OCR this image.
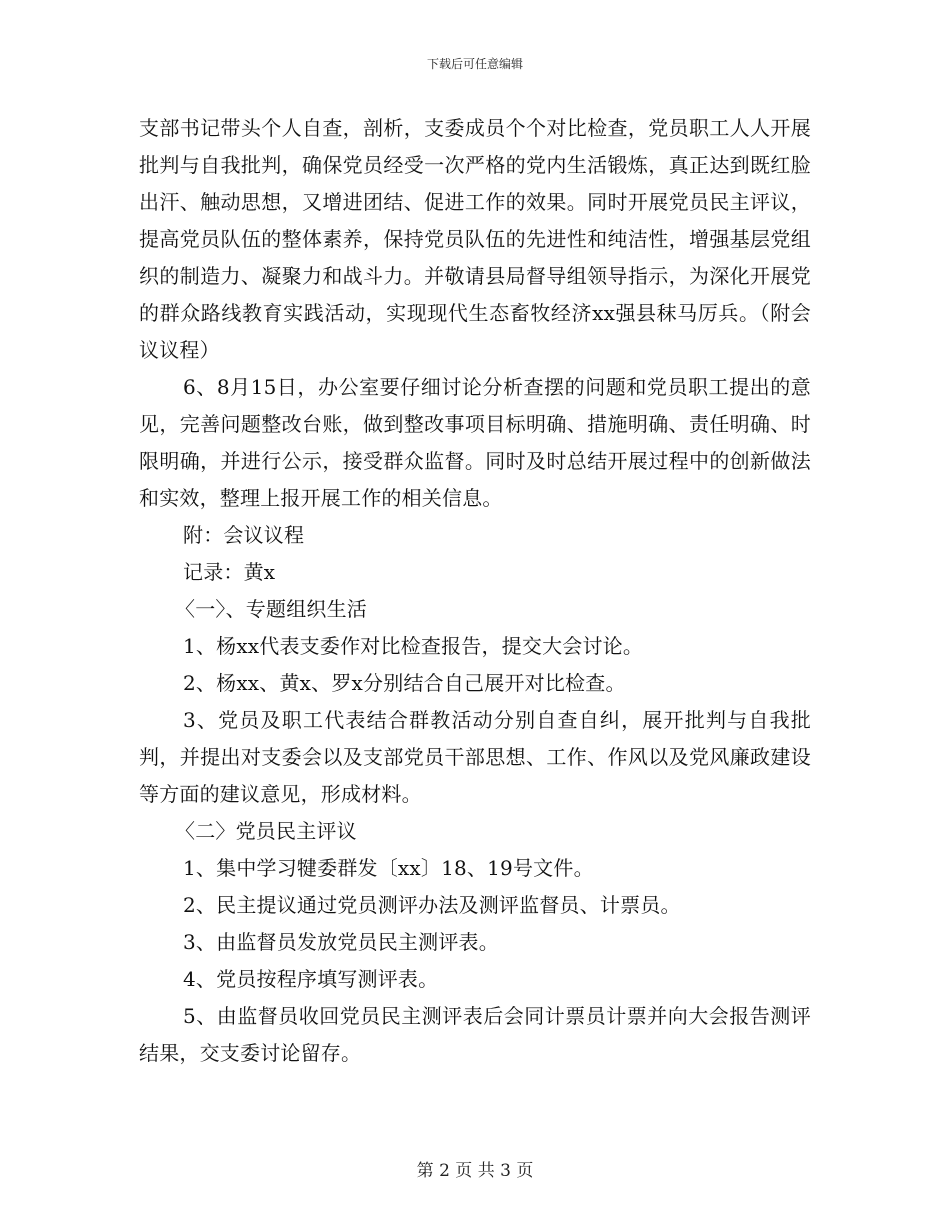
下载后可任意编辑

支部书记带头个人自查，剖析，支委成员个个对比检查，党员职工人人开展批判与自我批判，确保党员经受一次严格的党内生活锻炼，真正达到既红脸出汗、触动思想，又增进团结、促进工作的效果。同时开展党员民主评议，提高党员队伍的整体素养，保持党员队伍的先进性和纯洁性，增强基层党组织的制造力、凝聚力和战斗力。并敬请县局督导组领导指示，为深化开展党的群众路线教育实践活动，实现现代生态畜牧经济xx强县秣马厉兵。（附会议议程）

6、8月15日，办公室要仔细讨论分析查摆的问题和党员职工提出的意见，完善问题整改台账，做到整改事项目标明确、措施明确、责任明确、时限明确，并进行公示，接受群众监督。同时及时总结开展过程中的创新做法和实效，整理上报开展工作的相关信息。

附：会议议程

记录：黄x

〈一〉、专题组织生活

1、杨xx代表支委作对比检查报告，提交大会讨论。

2、杨xx、黄x、罗x分别结合自己展开对比检查。

3、党员及职工代表结合群教活动分别自查自纠，展开批判与自我批判，并提出对支委会以及支部党员干部思想、工作、作风以及党风廉政建设等方面的建议意见，形成材料。

〈二〉党员民主评议

1、集中学习犍委群发〔xx〕18、19号文件。

2、民主提议通过党员测评办法及测评监督员、计票员。

3、由监督员发放党员民主测评表。

4、党员按程序填写测评表。

5、由监督员收回党员民主测评表后会同计票员计票并向大会报告测评结果，交支委讨论留存。

第 2 页 共 3 页
